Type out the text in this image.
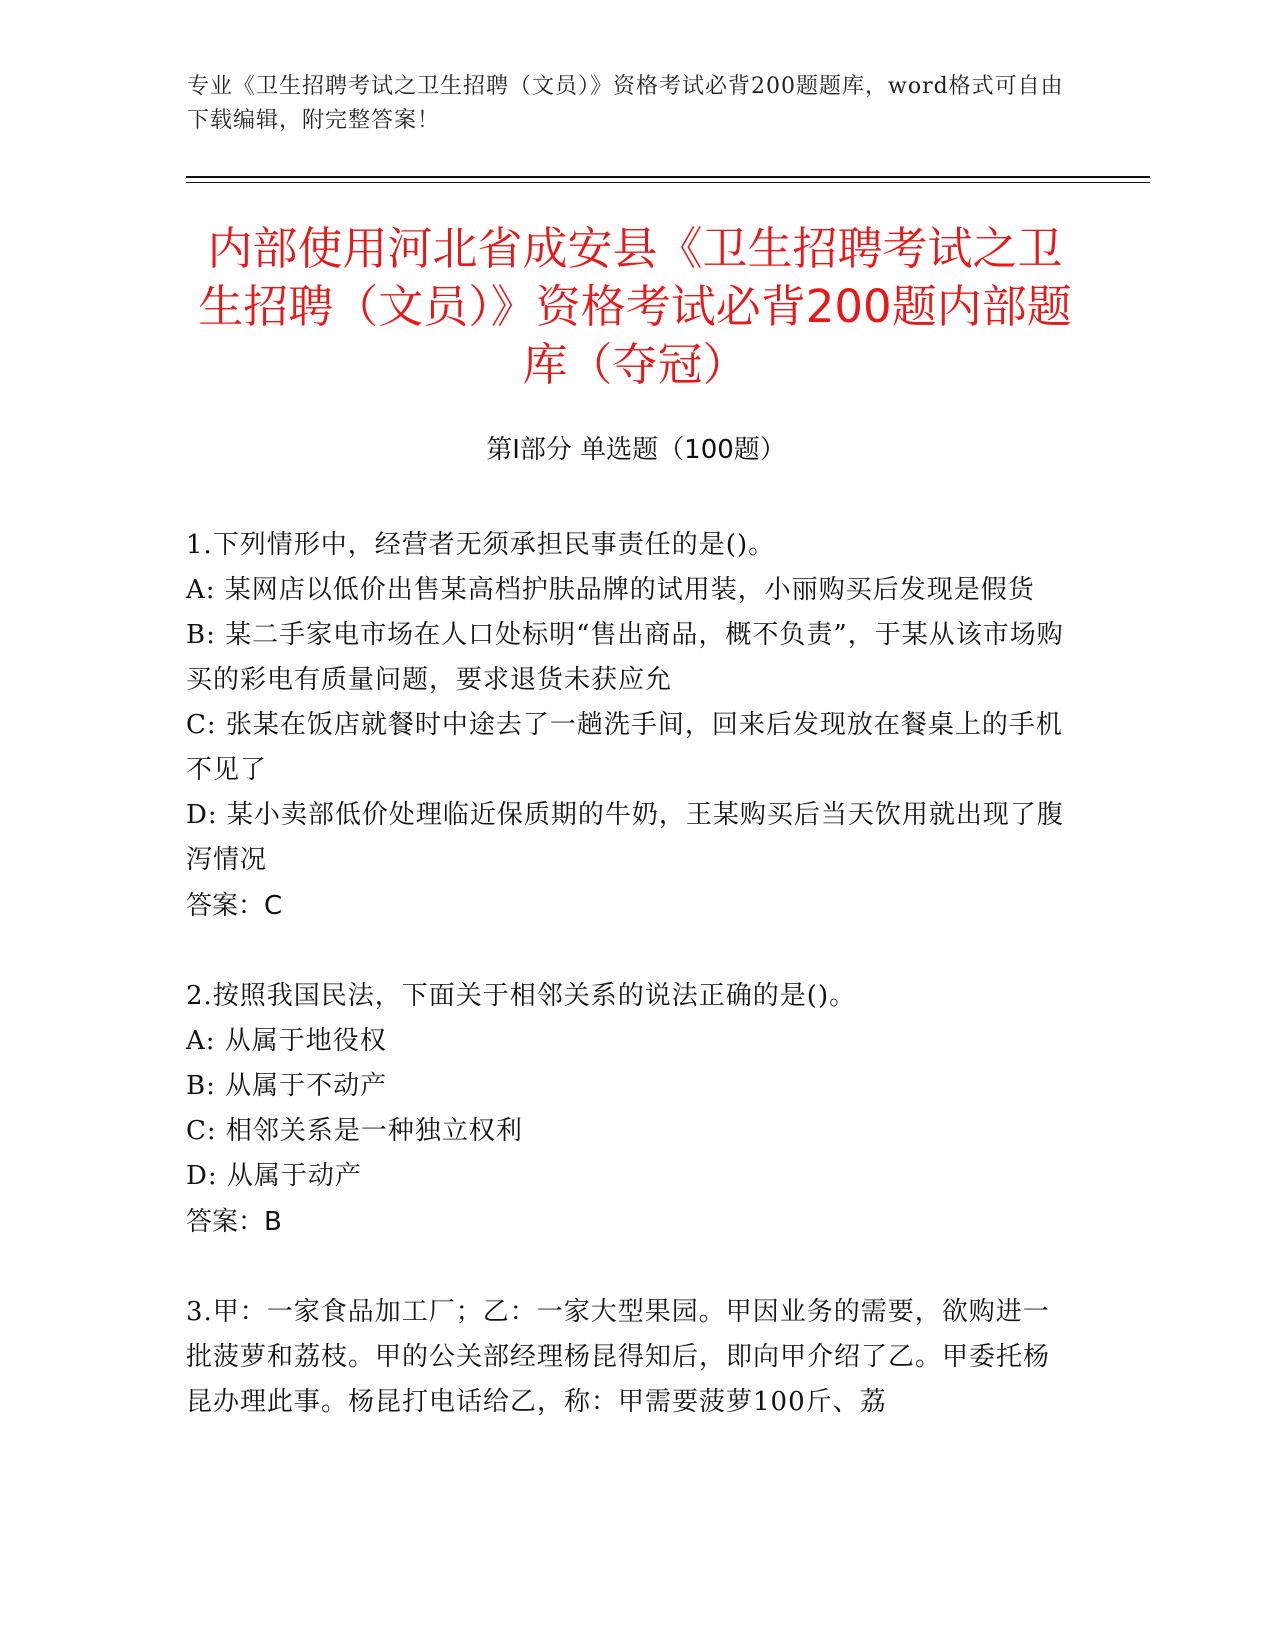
专业《卫生招聘考试之卫生招聘（文员）》资格考试必背200题题库，word格式可自由下载编辑，附完整答案！
内部使用河北省成安县《卫生招聘考试之卫生招聘（文员）》资格考试必背200题内部题库（夺冠）
第Ⅰ部分 单选题（100题）

1.下列情形中，经营者无须承担民事责任的是()。

A: 某网店以低价出售某高档护肤品牌的试用装，小丽购买后发现是假货

B: 某二手家电市场在人口处标明“售出商品，概不负责”，于某从该市场购买的彩电有质量问题，要求退货未获应允

C: 张某在饭店就餐时中途去了一趟洗手间，回来后发现放在餐桌上的手机不见了

D: 某小卖部低价处理临近保质期的牛奶，王某购买后当天饮用就出现了腹泻情况

答案：C

2.按照我国民法，下面关于相邻关系的说法正确的是()。

A: 从属于地役权

B: 从属于不动产

C: 相邻关系是一种独立权利

D: 从属于动产

答案：B

3.甲：一家食品加工厂；乙：一家大型果园。甲因业务的需要，欲购进一批菠萝和荔枝。甲的公关部经理杨昆得知后，即向甲介绍了乙。甲委托杨昆办理此事。杨昆打电话给乙，称：甲需要菠萝100斤、荔
